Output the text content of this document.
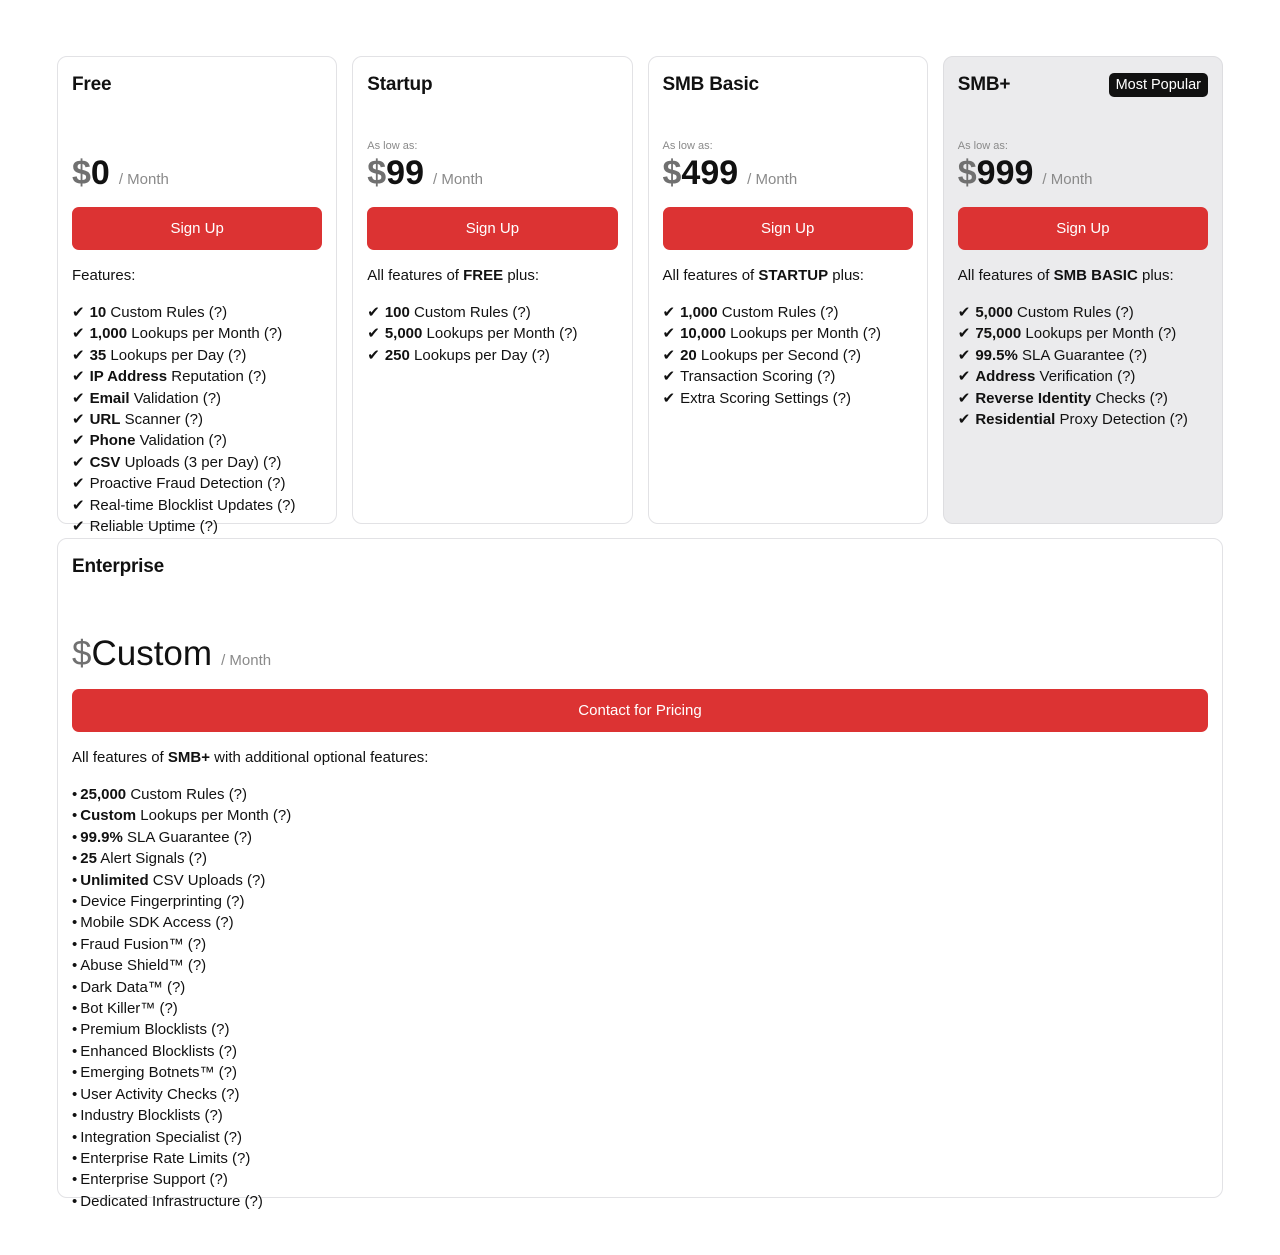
Free
$ 0 / Month
Sign Up
Features:
✔ 10 Custom Rules (?)
✔ 1,000 Lookups per Month (?)
✔ 35 Lookups per Day (?)
✔ IP Address Reputation (?)
✔ Email Validation (?)
✔ URL Scanner (?)
✔ Phone Validation (?)
✔ CSV Uploads (3 per Day) (?)
✔ Proactive Fraud Detection (?)
✔ Real-time Blocklist Updates (?)
✔ Reliable Uptime (?)
Startup
As low as:
$ 99 / Month
Sign Up
All features of FREE plus:
✔ 100 Custom Rules (?)
✔ 5,000 Lookups per Month (?)
✔ 250 Lookups per Day (?)
SMB Basic
As low as:
$ 499 / Month
Sign Up
All features of STARTUP plus:
✔ 1,000 Custom Rules (?)
✔ 10,000 Lookups per Month (?)
✔ 20 Lookups per Second (?)
✔ Transaction Scoring (?)
✔ Extra Scoring Settings (?)
SMB+	Most Popular
As low as:
$ 999 / Month
Sign Up
All features of SMB BASIC plus:
✔ 5,000 Custom Rules (?)
✔ 75,000 Lookups per Month (?)
✔ 99.5% SLA Guarantee (?)
✔ Address Verification (?)
✔ Reverse Identity Checks (?)
✔ Residential Proxy Detection (?)
Enterprise
$ Custom / Month
Contact for Pricing
All features of SMB+ with additional optional features:
• 25,000 Custom Rules (?)
• Custom Lookups per Month (?)
• 99.9% SLA Guarantee (?)
• 25 Alert Signals (?)
• Unlimited CSV Uploads (?)
• Device Fingerprinting (?)
• Mobile SDK Access (?)
• Fraud Fusion™ (?)
• Abuse Shield™ (?)
• Dark Data™ (?)
• Bot Killer™ (?)
• Premium Blocklists (?)
• Enhanced Blocklists (?)
• Emerging Botnets™ (?)
• User Activity Checks (?)
• Industry Blocklists (?)
• Integration Specialist (?)
• Enterprise Rate Limits (?)
• Enterprise Support (?)
• Dedicated Infrastructure (?)
